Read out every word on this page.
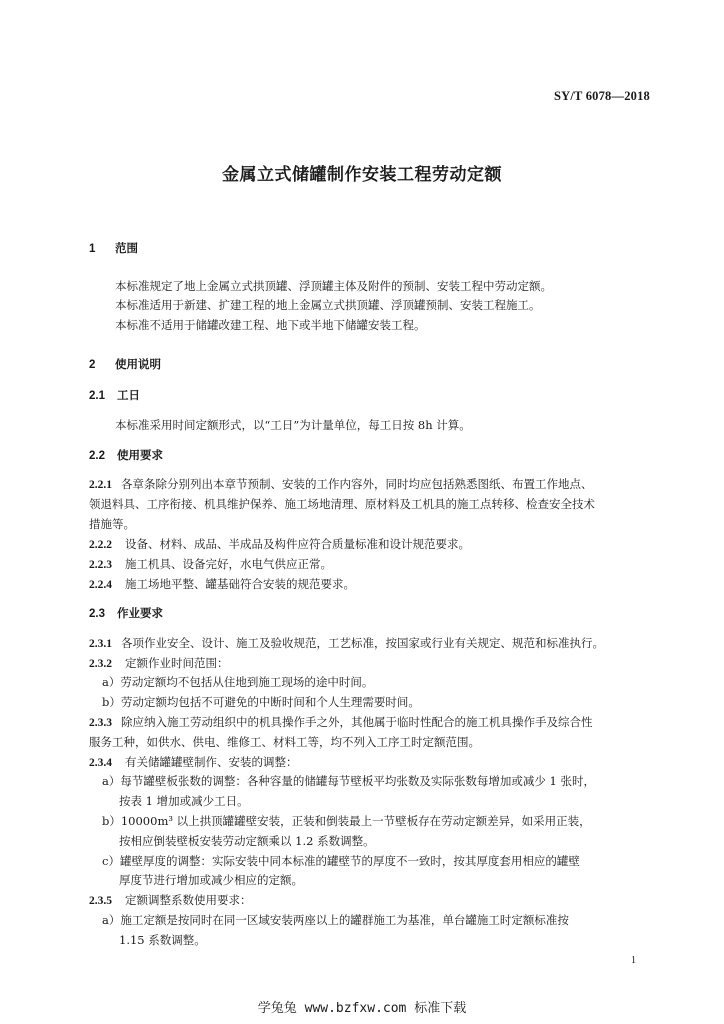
SY/T 6078—2018
金属立式储罐制作安装工程劳动定额
1 范围
本标准规定了地上金属立式拱顶罐、浮顶罐主体及附件的预制、安装工程中劳动定额。
本标准适用于新建、扩建工程的地上金属立式拱顶罐、浮顶罐预制、安装工程施工。
本标准不适用于储罐改建工程、地下或半地下储罐安装工程。
2 使用说明
2.1 工日
本标准采用时间定额形式，以“工日”为计量单位，每工日按 8h 计算。
2.2 使用要求
2.2.1 各章条除分别列出本章节预制、安装的工作内容外，同时均应包括熟悉图纸、布置工作地点、
领退料具、工序衔接、机具维护保养、施工场地清理、原材料及工机具的施工点转移、检查安全技术
措施等。
2.2.2 设备、材料、成品、半成品及构件应符合质量标准和设计规范要求。
2.2.3 施工机具、设备完好，水电气供应正常。
2.2.4 施工场地平整、罐基础符合安装的规范要求。
2.3 作业要求
2.3.1 各项作业安全、设计、施工及验收规范，工艺标准，按国家或行业有关规定、规范和标准执行。
2.3.2 定额作业时间范围：
a）劳动定额均不包括从住地到施工现场的途中时间。
b）劳动定额均包括不可避免的中断时间和个人生理需要时间。
2.3.3 除应纳入施工劳动组织中的机具操作手之外，其他属于临时性配合的施工机具操作手及综合性
服务工种，如供水、供电、维修工、材料工等，均不列入工序工时定额范围。
2.3.4 有关储罐罐壁制作、安装的调整：
a）每节罐壁板张数的调整：各种容量的储罐每节壁板平均张数及实际张数每增加或减少 1 张时，
按表 1 增加或减少工日。
b）10000m³ 以上拱顶罐罐壁安装，正装和倒装最上一节壁板存在劳动定额差异，如采用正装，
按相应倒装壁板安装劳动定额乘以 1.2 系数调整。
c）罐壁厚度的调整：实际安装中同本标准的罐壁节的厚度不一致时，按其厚度套用相应的罐壁
厚度节进行增加或减少相应的定额。
2.3.5 定额调整系数使用要求：
a）施工定额是按同时在同一区域安装两座以上的罐群施工为基准，单台罐施工时定额标准按
1.15 系数调整。
1
学兔兔 www.bzfxw.com 标准下载
